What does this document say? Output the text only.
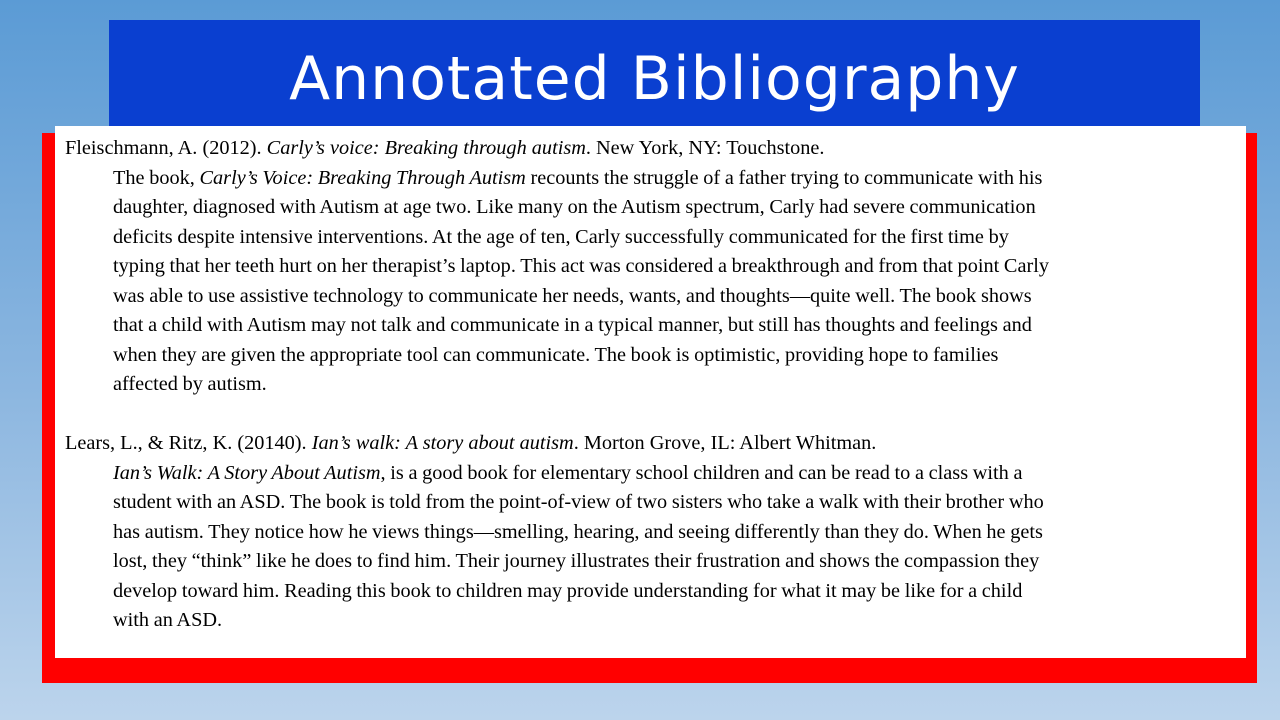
Annotated Bibliography

Fleischmann, A. (2012). Carly’s voice: Breaking through autism. New York, NY: Touchstone.

The book, Carly’s Voice: Breaking Through Autism recounts the struggle of a father trying to communicate with his
daughter, diagnosed with Autism at age two. Like many on the Autism spectrum, Carly had severe communication
deficits despite intensive interventions. At the age of ten, Carly successfully communicated for the first time by
typing that her teeth hurt on her therapist’s laptop. This act was considered a breakthrough and from that point Carly
was able to use assistive technology to communicate her needs, wants, and thoughts—quite well. The book shows
that a child with Autism may not talk and communicate in a typical manner, but still has thoughts and feelings and
when they are given the appropriate tool can communicate. The book is optimistic, providing hope to families
affected by autism.

Lears, L., & Ritz, K. (20140). Ian’s walk: A story about autism. Morton Grove, IL: Albert Whitman.

Ian’s Walk: A Story About Autism, is a good book for elementary school children and can be read to a class with a
student with an ASD. The book is told from the point-of-view of two sisters who take a walk with their brother who
has autism. They notice how he views things—smelling, hearing, and seeing differently than they do. When he gets
lost, they “think” like he does to find him. Their journey illustrates their frustration and shows the compassion they
develop toward him. Reading this book to children may provide understanding for what it may be like for a child
with an ASD.
